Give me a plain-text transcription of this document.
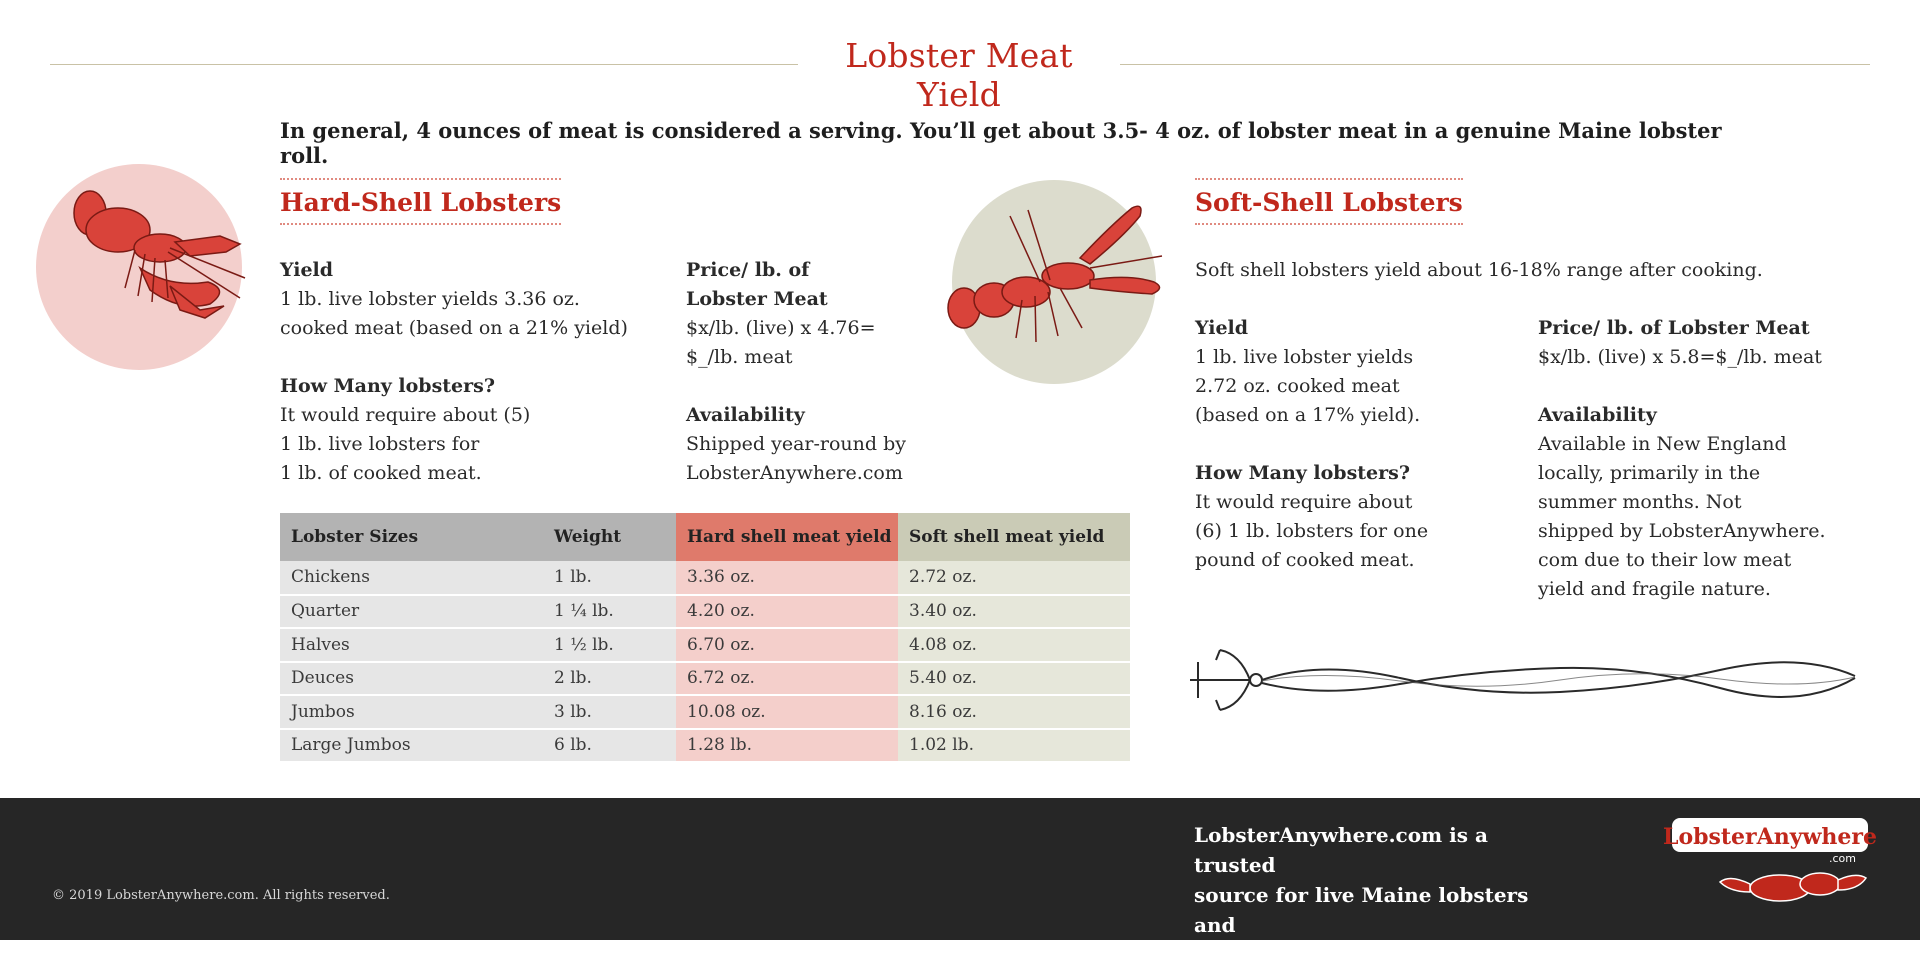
Lobster Meat Yield
In general, 4 ounces of meat is considered a serving. You’ll get about 3.5- 4 oz. of lobster meat in a genuine Maine lobster roll.
Hard-Shell Lobsters
Yield
1 lb. live lobster yields 3.36 oz.
cooked meat (based on a 21% yield)
How Many lobsters?
It would require about (5)
1 lb. live lobsters for
1 lb. of cooked meat.
Price/ lb. of
Lobster Meat
$x/lb. (live) x 4.76=
$_/lb. meat
Availability
Shipped year-round by
LobsterAnywhere.com
Lobster Sizes	Weight	Hard shell meat yield	Soft shell meat yield
Chickens	1 lb.	3.36 oz.	2.72 oz.
Quarter	1 ¼ lb.	4.20 oz.	3.40 oz.
Halves	1 ½ lb.	6.70 oz.	4.08 oz.
Deuces	2 lb.	6.72 oz.	5.40 oz.
Jumbos	3 lb.	10.08 oz.	8.16 oz.
Large Jumbos	6 lb.	1.28 lb.	1.02 lb.
Soft-Shell Lobsters
Soft shell lobsters yield about 16-18% range after cooking.
Yield
1 lb. live lobster yields
2.72 oz. cooked meat
(based on a 17% yield).
How Many lobsters?
It would require about
(6) 1 lb. lobsters for one
pound of cooked meat.
Price/ lb. of Lobster Meat
$x/lb. (live) x 5.8=$_/lb. meat
Availability
Available in New England
locally, primarily in the
summer months. Not
shipped by LobsterAnywhere.
com due to their low meat
yield and fragile nature.
© 2019 LobsterAnywhere.com. All rights reserved.
LobsterAnywhere.com is a trusted
source for live Maine lobsters and
fresh seafood gifts since 1999.
LobsterAnywhere
.com
